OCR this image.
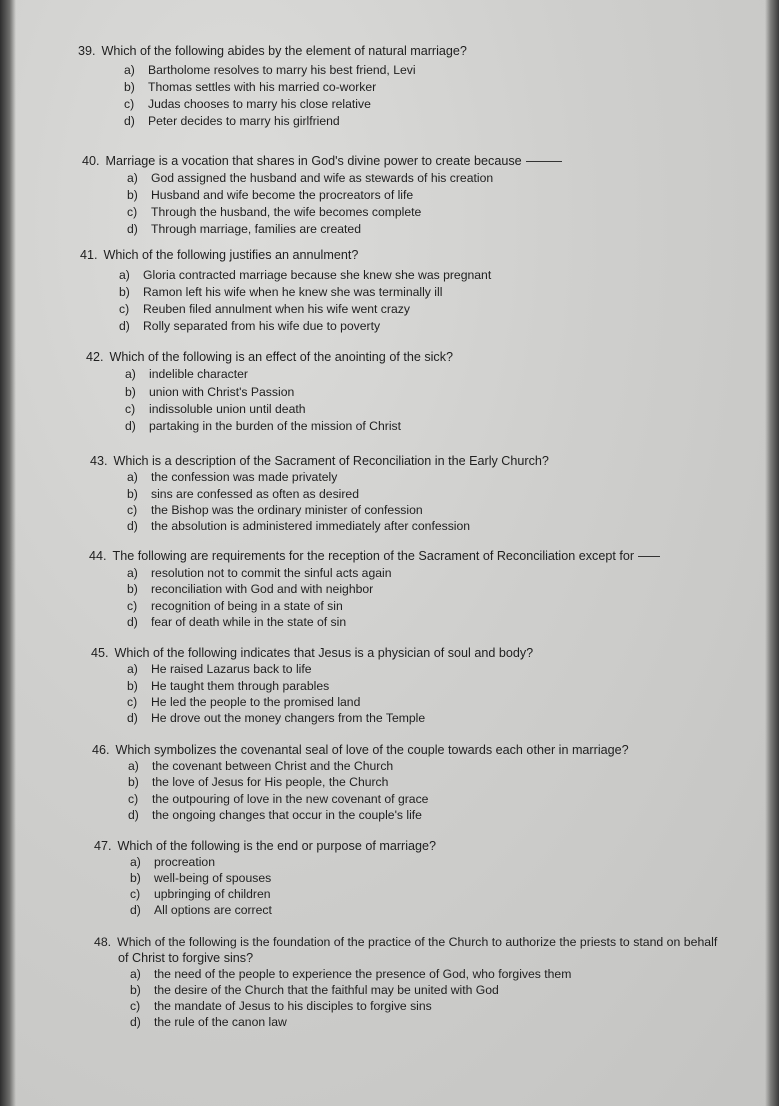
39. Which of the following abides by the element of natural marriage?
a) Bartholome resolves to marry his best friend, Levi
b) Thomas settles with his married co-worker
c) Judas chooses to marry his close relative
d) Peter decides to marry his girlfriend
40. Marriage is a vocation that shares in God's divine power to create because
a) God assigned the husband and wife as stewards of his creation
b) Husband and wife become the procreators of life
c) Through the husband, the wife becomes complete
d) Through marriage, families are created
41. Which of the following justifies an annulment?
a) Gloria contracted marriage because she knew she was pregnant
b) Ramon left his wife when he knew she was terminally ill
c) Reuben filed annulment when his wife went crazy
d) Rolly separated from his wife due to poverty
42. Which of the following is an effect of the anointing of the sick?
a) indelible character
b) union with Christ's Passion
c) indissoluble union until death
d) partaking in the burden of the mission of Christ
43. Which is a description of the Sacrament of Reconciliation in the Early Church?
a) the confession was made privately
b) sins are confessed as often as desired
c) the Bishop was the ordinary minister of confession
d) the absolution is administered immediately after confession
44. The following are requirements for the reception of the Sacrament of Reconciliation except for
a) resolution not to commit the sinful acts again
b) reconciliation with God and with neighbor
c) recognition of being in a state of sin
d) fear of death while in the state of sin
45. Which of the following indicates that Jesus is a physician of soul and body?
a) He raised Lazarus back to life
b) He taught them through parables
c) He led the people to the promised land
d) He drove out the money changers from the Temple
46. Which symbolizes the covenantal seal of love of the couple towards each other in marriage?
a) the covenant between Christ and the Church
b) the love of Jesus for His people, the Church
c) the outpouring of love in the new covenant of grace
d) the ongoing changes that occur in the couple's life
47. Which of the following is the end or purpose of marriage?
a) procreation
b) well-being of spouses
c) upbringing of children
d) All options are correct
48. Which of the following is the foundation of the practice of the Church to authorize the priests to stand on behalf
of Christ to forgive sins?
a) the need of the people to experience the presence of God, who forgives them
b) the desire of the Church that the faithful may be united with God
c) the mandate of Jesus to his disciples to forgive sins
d) the rule of the canon law
